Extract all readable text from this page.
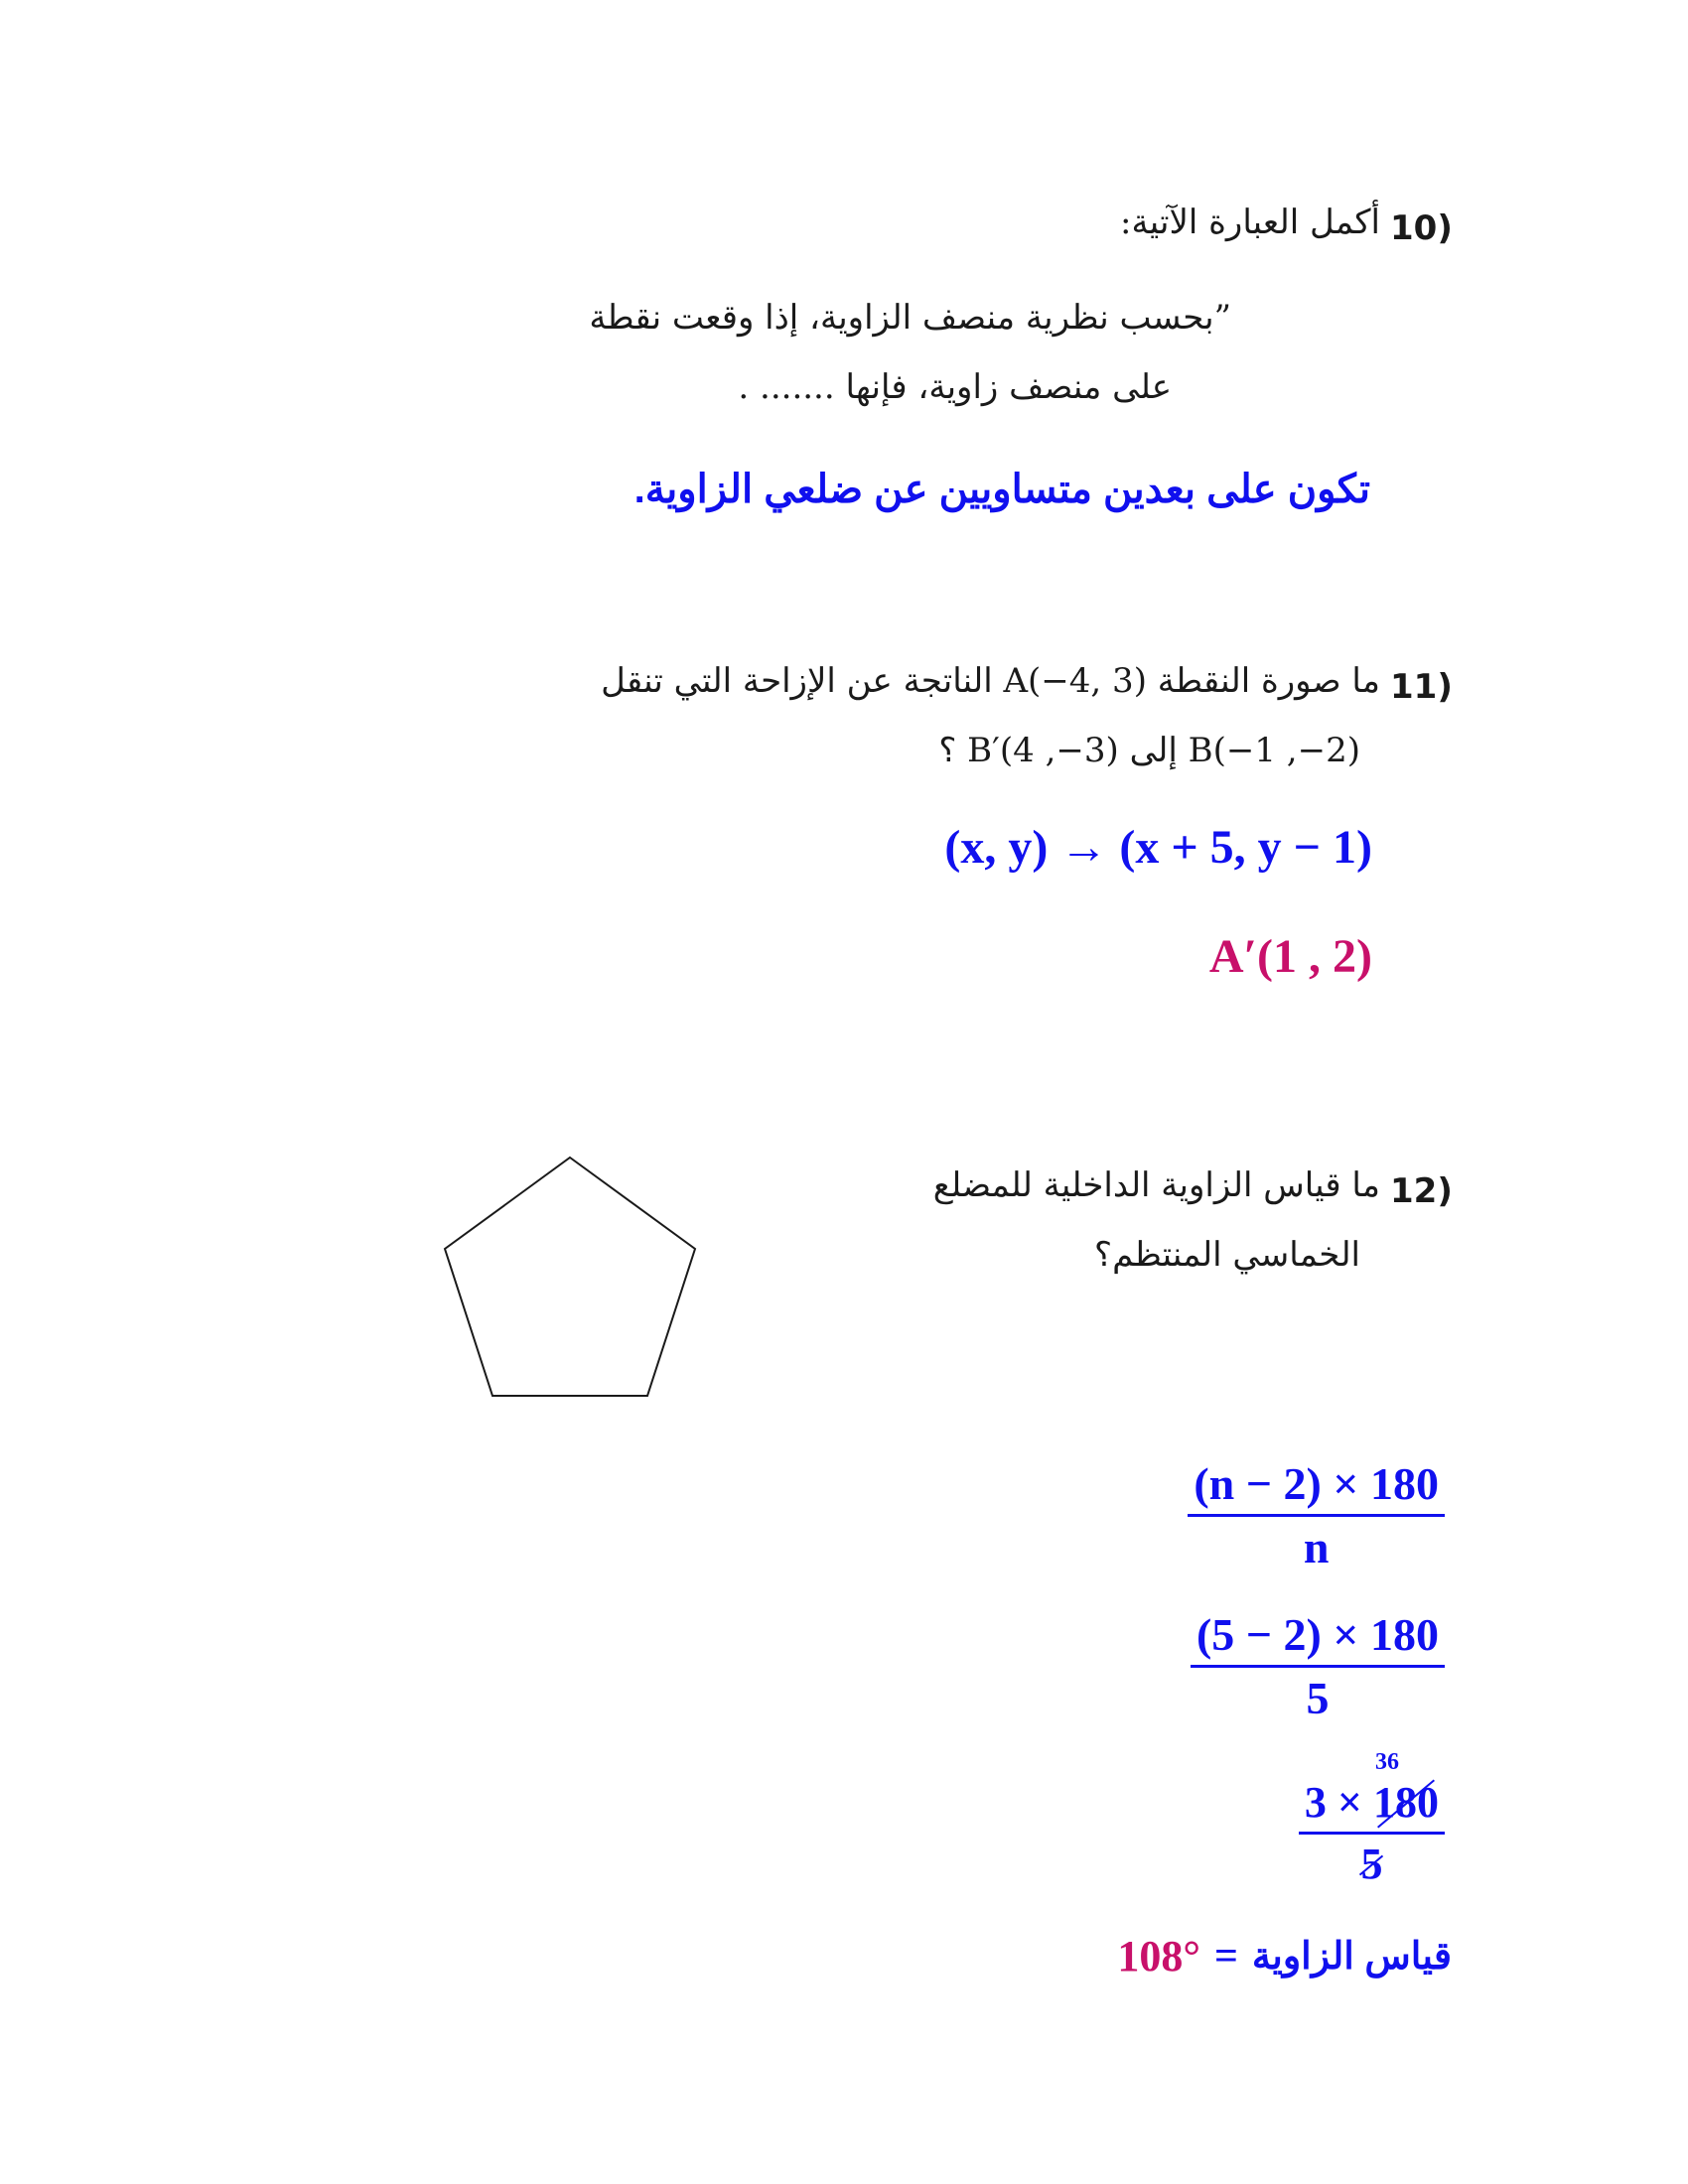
10)
أكمل العبارة الآتية:
”بحسب نظرية منصف الزاوية، إذا وقعت نقطة
على منصف زاوية، فإنها ....... .
تكون على بعدين متساويين عن ضلعي الزاوية.
11)
ما صورة النقطة (3 ,4−)A الناتجة عن الإزاحة التي تنقل
(2−, 1−)B إلى (3−, 4)′B ؟
(x, y) → (x + 5, y − 1)
A′(1 , 2)
12)
ما قياس الزاوية الداخلية للمضلع
الخماسي المنتظم؟
$\frac{(n - 2) \times 180}{n}$
$\frac{(5 - 2) \times 180}{5}$
36
$\frac{3 \times 180}{5}$
قياس الزاوية
=
108°
